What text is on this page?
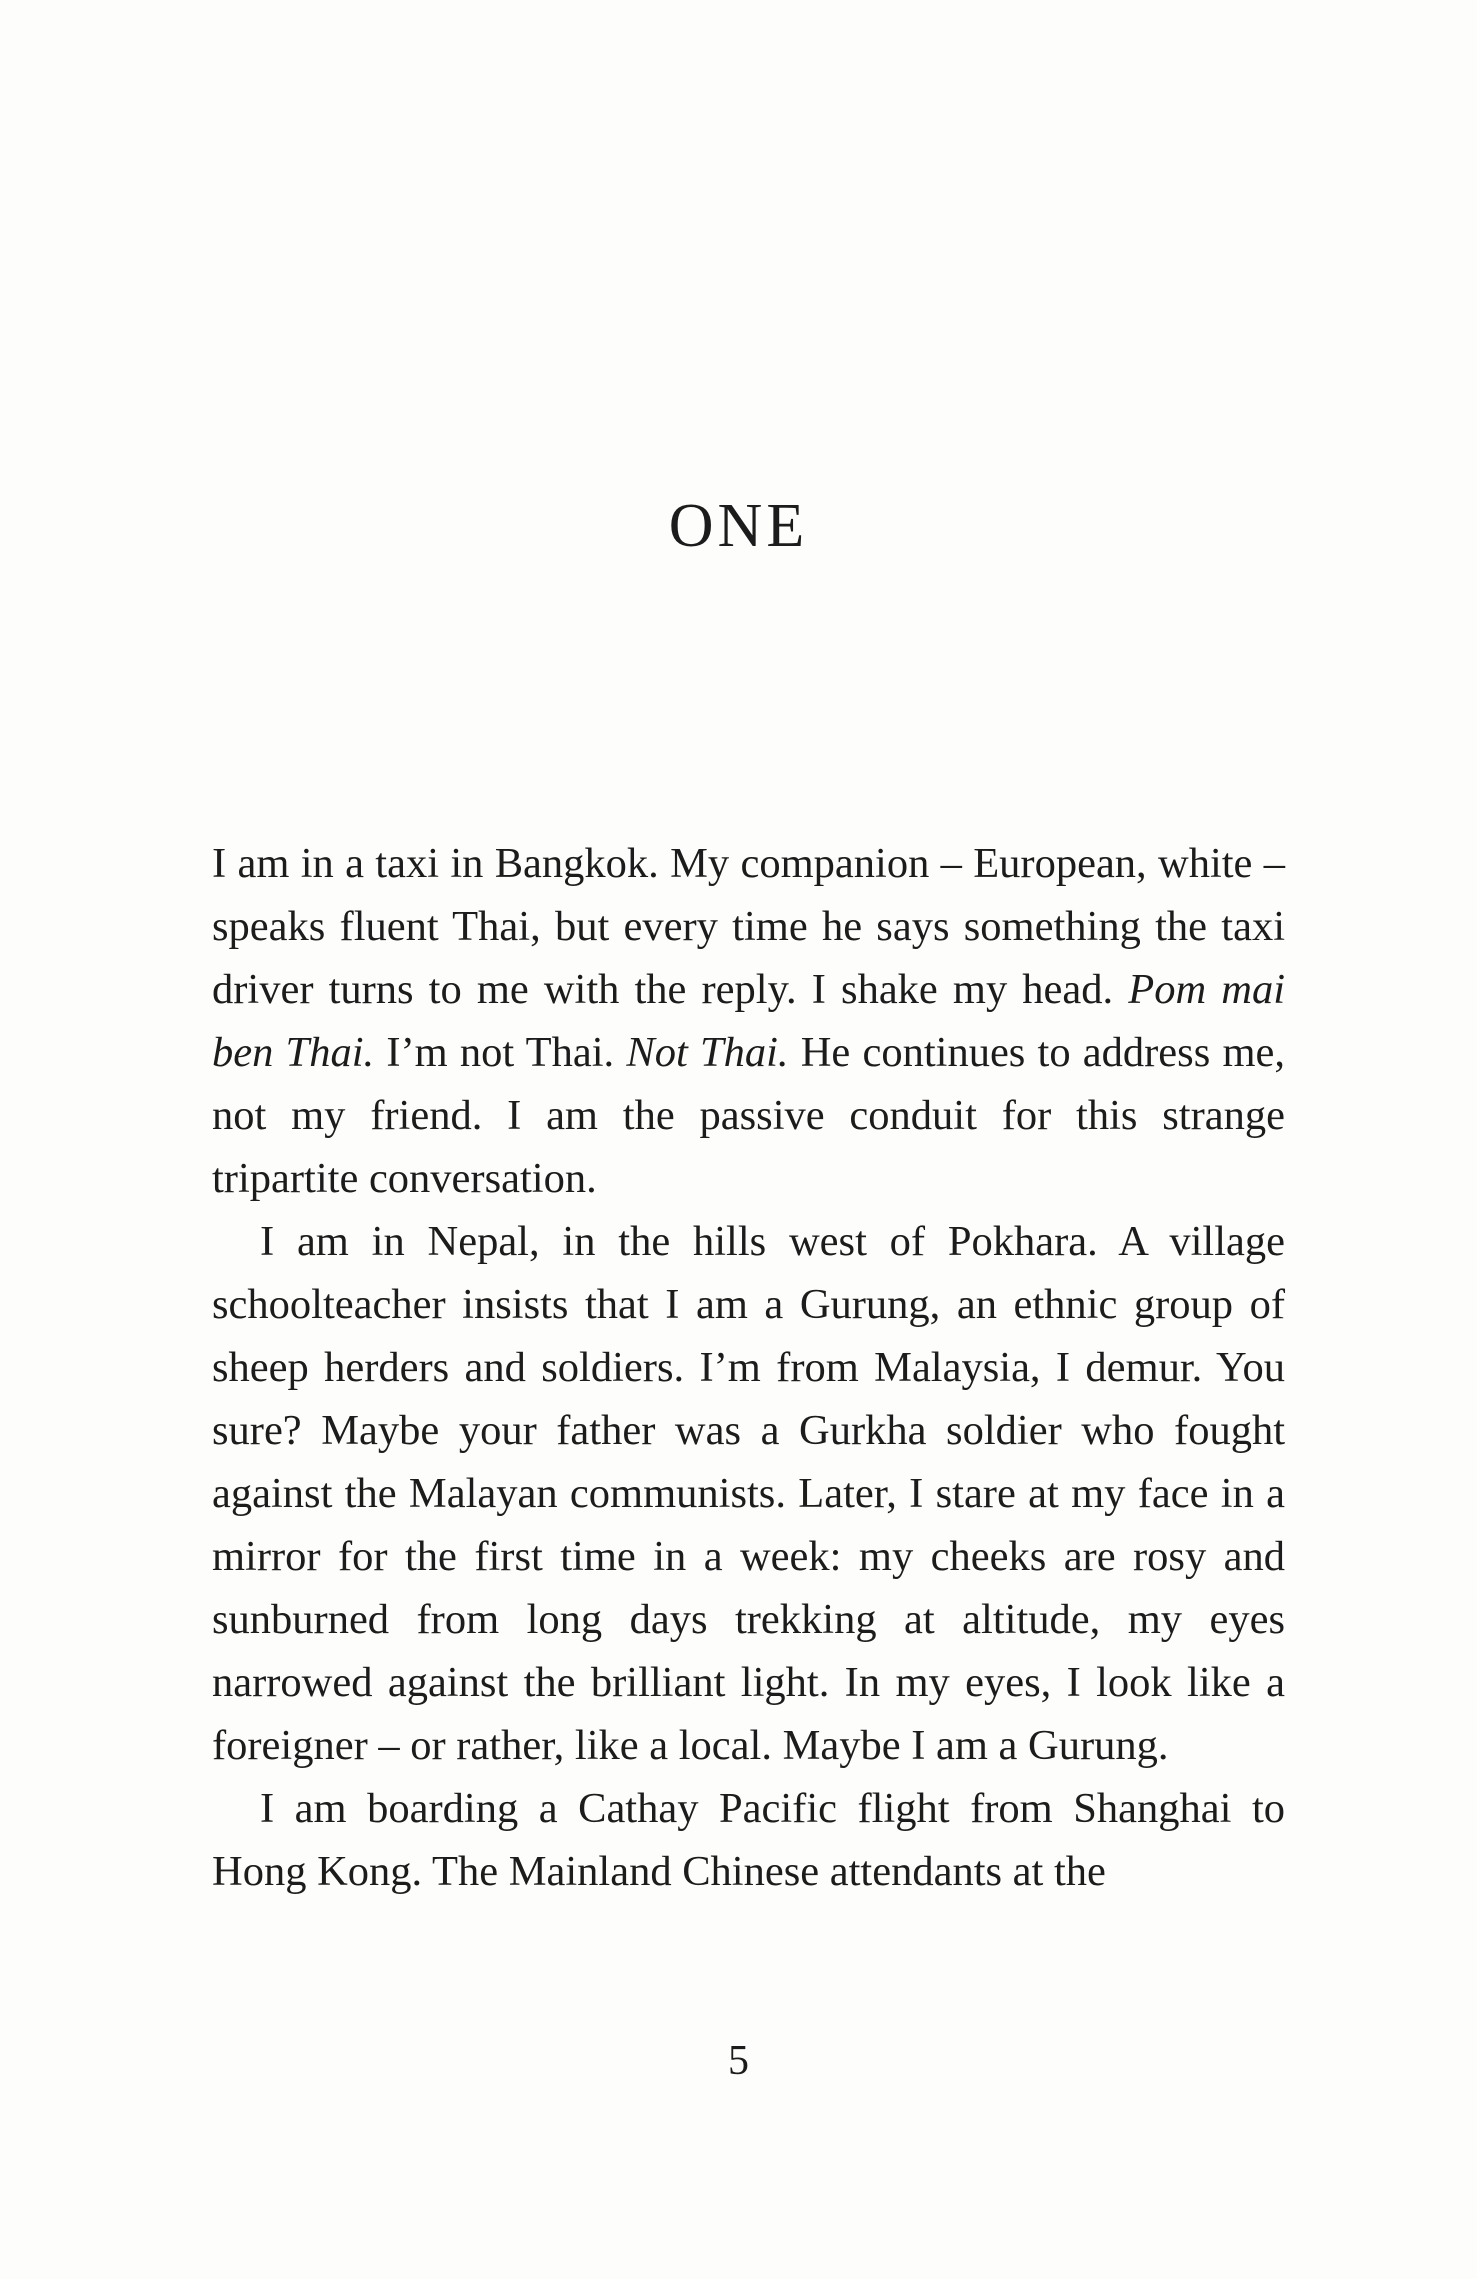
ONE

I am in a taxi in Bangkok. My companion – European, white – speaks fluent Thai, but every time he says something the taxi driver turns to me with the reply. I shake my head. Pom mai ben Thai. I’m not Thai. Not Thai. He continues to address me, not my friend. I am the passive conduit for this strange tripartite conversation.

I am in Nepal, in the hills west of Pokhara. A village schoolteacher insists that I am a Gurung, an ethnic group of sheep herders and soldiers. I’m from Malaysia, I demur. You sure? Maybe your father was a Gurkha soldier who fought against the Malayan communists. Later, I stare at my face in a mirror for the first time in a week: my cheeks are rosy and sunburned from long days trekking at altitude, my eyes narrowed against the brilliant light. In my eyes, I look like a foreigner – or rather, like a local. Maybe I am a Gurung.

I am boarding a Cathay Pacific flight from Shanghai to Hong Kong. The Mainland Chinese attendants at the

5
